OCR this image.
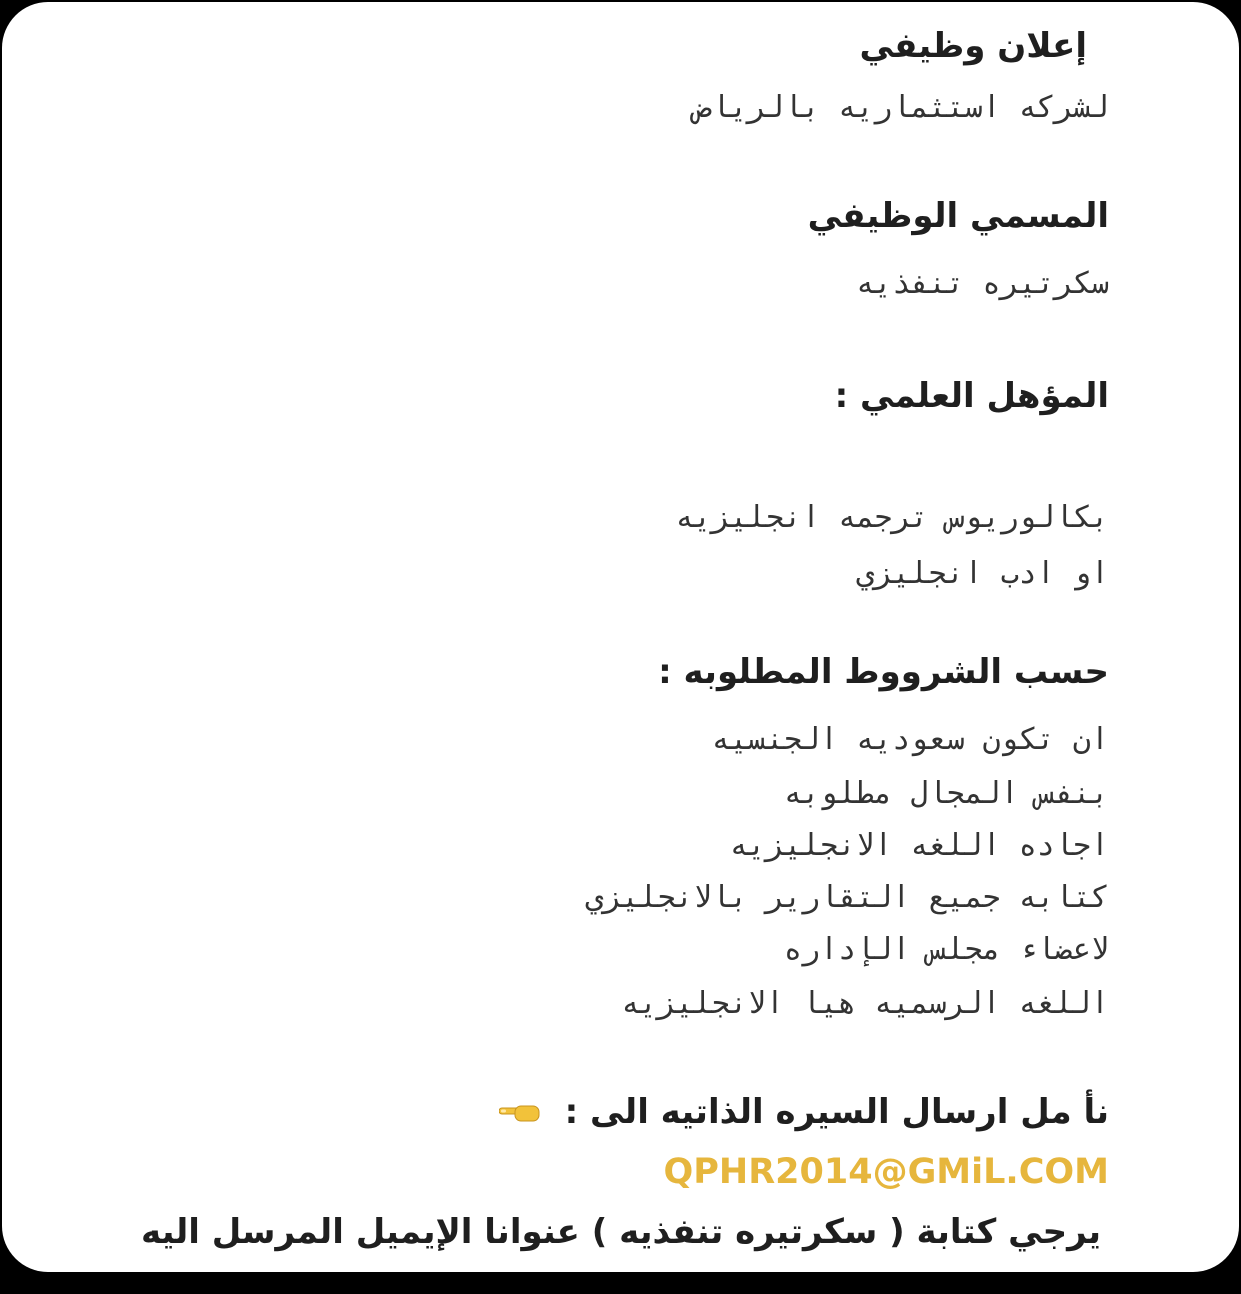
إعلان وظيفي

لشركه استثماريه بالرياض

المسمي الوظيفي

سكرتيره تنفذيه

المؤهل العلمي :

بكالوريوس ترجمه انجليزيه

او ادب انجليزي

حسب الشرووط المطلوبه :

ان تكون سعوديه الجنسيه

بنفس المجال مطلوبه

اجاده اللغه الانجليزيه

كتابه جميع التقارير بالانجليزي

لاعضاء مجلس الإداره

اللغه الرسميه هيا الانجليزيه

نأ مل ارسال السيره الذاتيه الى :
QPHR2014@GMiL.COM

يرجي كتابة ( سكرتيره تنفذيه ) عنوانا الإيميل المرسل اليه
